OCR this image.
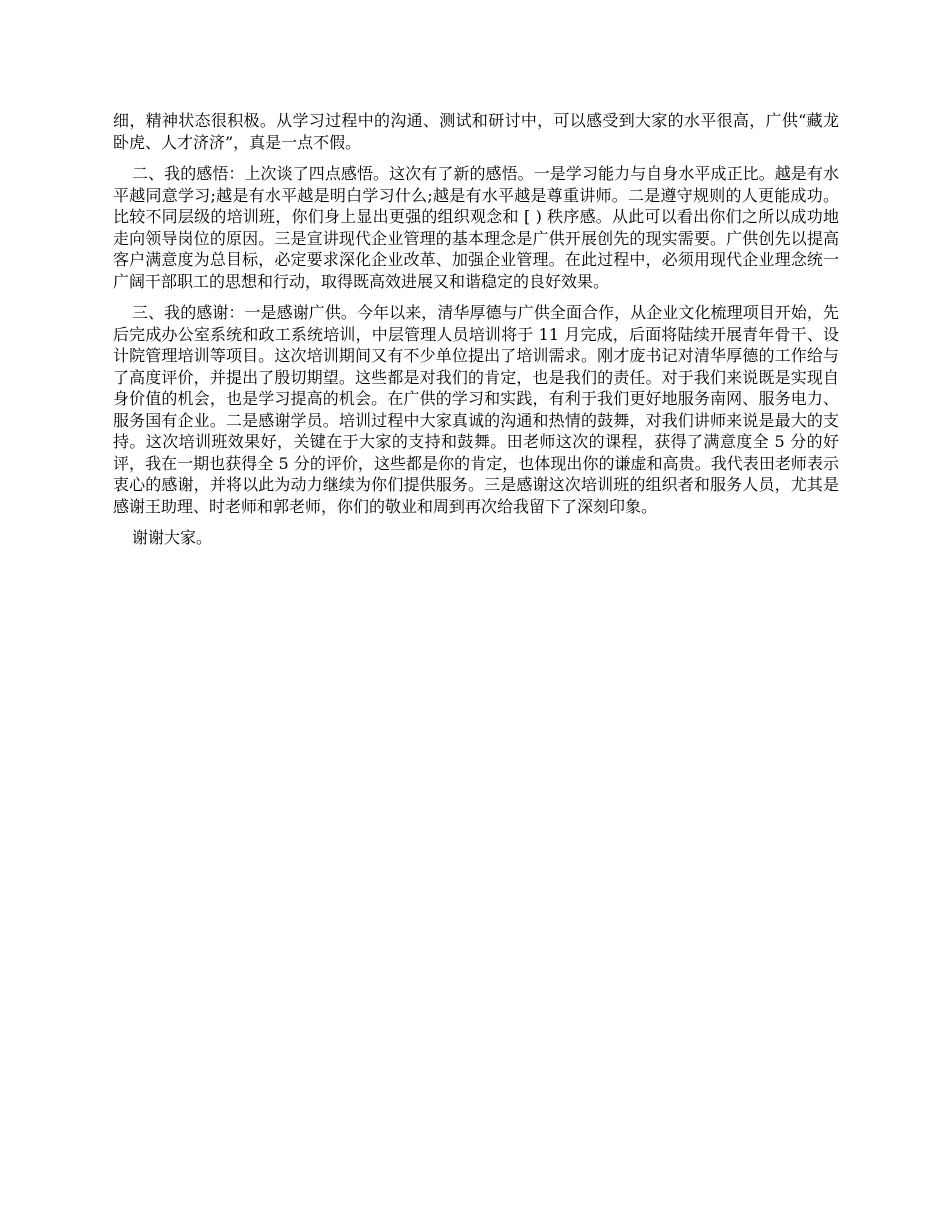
细，精神状态很积极。从学习过程中的沟通、测试和研讨中，可以感受到大家的水平很高，广供“藏龙卧虎、人才济济”，真是一点不假。

二、我的感悟：上次谈了四点感悟。这次有了新的感悟。一是学习能力与自身水平成正比。越是有水平越同意学习;越是有水平越是明白学习什么;越是有水平越是尊重讲师。二是遵守规则的人更能成功。比较不同层级的培训班，你们身上显出更强的组织观念和 [ ) 秩序感。从此可以看出你们之所以成功地走向领导岗位的原因。三是宣讲现代企业管理的基本理念是广供开展创先的现实需要。广供创先以提高客户满意度为总目标，必定要求深化企业改革、加强企业管理。在此过程中，必须用现代企业理念统一广阔干部职工的思想和行动，取得既高效进展又和谐稳定的良好效果。

三、我的感谢：一是感谢广供。今年以来，清华厚德与广供全面合作，从企业文化梳理项目开始，先后完成办公室系统和政工系统培训，中层管理人员培训将于 11 月完成，后面将陆续开展青年骨干、设计院管理培训等项目。这次培训期间又有不少单位提出了培训需求。刚才庞书记对清华厚德的工作给与了高度评价，并提出了殷切期望。这些都是对我们的肯定，也是我们的责任。对于我们来说既是实现自身价值的机会，也是学习提高的机会。在广供的学习和实践，有利于我们更好地服务南网、服务电力、服务国有企业。二是感谢学员。培训过程中大家真诚的沟通和热情的鼓舞，对我们讲师来说是最大的支持。这次培训班效果好，关键在于大家的支持和鼓舞。田老师这次的课程，获得了满意度全 5 分的好评，我在一期也获得全 5 分的评价，这些都是你的肯定，也体现出你的谦虚和高贵。我代表田老师表示衷心的感谢，并将以此为动力继续为你们提供服务。三是感谢这次培训班的组织者和服务人员，尤其是感谢王助理、时老师和郭老师，你们的敬业和周到再次给我留下了深刻印象。

谢谢大家。
